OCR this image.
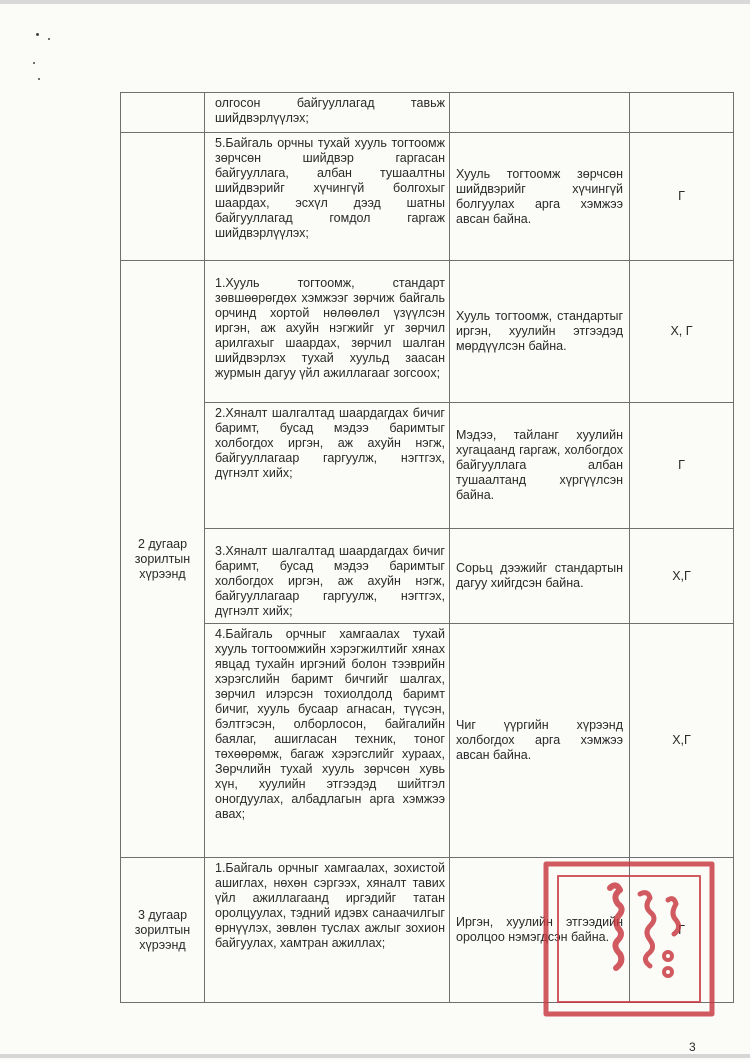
	олгосон байгууллагад тавьж шийдвэрлүүлэх;		
	5.Байгаль орчны тухай хууль тогтоомж зөрчсөн шийдвэр гаргасан байгууллага, албан тушаалтны шийдвэрийг хүчингүй болгохыг шаардах, эсхүл дээд шатны байгууллагад гомдол гаргаж шийдвэрлүүлэх;	Хууль тогтоомж зөрчсөн шийдвэрийг хүчингүй болгуулах арга хэмжээ авсан байна.	Г
2 дугаар зорилтын хүрээнд	1.Хууль тогтоомж, стандарт зөвшөөрөгдөх хэмжээг зөрчиж байгаль орчинд хортой нөлөөлөл үзүүлсэн иргэн, аж ахуйн нэгжийг уг зөрчил арилгахыг шаардах, зөрчил шалган шийдвэрлэх тухай хуульд заасан журмын дагуу үйл ажиллагааг зогсоох;	Хууль тогтоомж, стандартыг иргэн, хуулийн этгээдэд мөрдүүлсэн байна.	Х, Г
	2.Хяналт шалгалтад шаардагдах бичиг баримт, бусад мэдээ баримтыг холбогдох иргэн, аж ахуйн нэгж, байгууллагаар гаргуулж, нэгтгэх, дүгнэлт хийх;	Мэдээ, тайланг хуулийн хугацаанд гаргаж, холбогдох байгууллага албан тушаалтанд хүргүүлсэн байна.	Г
	3.Хяналт шалгалтад шаардагдах бичиг баримт, бусад мэдээ баримтыг холбогдох иргэн, аж ахуйн нэгж, байгууллагаар гаргуулж, нэгтгэх, дүгнэлт хийх;	Сорьц дээжийг стандартын дагуу хийгдсэн байна.	Х,Г
	4.Байгаль орчныг хамгаалах тухай хууль тогтоомжийн хэрэгжилтийг хянах явцад тухайн иргэний болон тээврийн хэрэгслийн баримт бичгийг шалгах, зөрчил илэрсэн тохиолдолд баримт бичиг, хууль бусаар агнасан, түүсэн, бэлтгэсэн, олборлосон, байгалийн баялаг, ашигласан техник, тоног төхөөрөмж, багаж хэрэгслийг хураах, Зөрчлийн тухай хууль зөрчсөн хувь хүн, хуулийн этгээдэд шийтгэл оногдуулах, албадлагын арга хэмжээ авах;	Чиг үүргийн хүрээнд холбогдох арга хэмжээ авсан байна.	Х,Г
3 дугаар зорилтын хүрээнд	1.Байгаль орчныг хамгаалах, зохистой ашиглах, нөхөн сэргээх, хяналт тавих үйл ажиллагаанд иргэдийг татан оролцуулах, тэдний идэвх санаачилгыг өрнүүлэх, зөвлөн туслах ажлыг зохион байгуулах, хамтран ажиллах;	Иргэн, хуулийн этгээдийн оролцоо нэмэгдсэн байна.	Г
3
